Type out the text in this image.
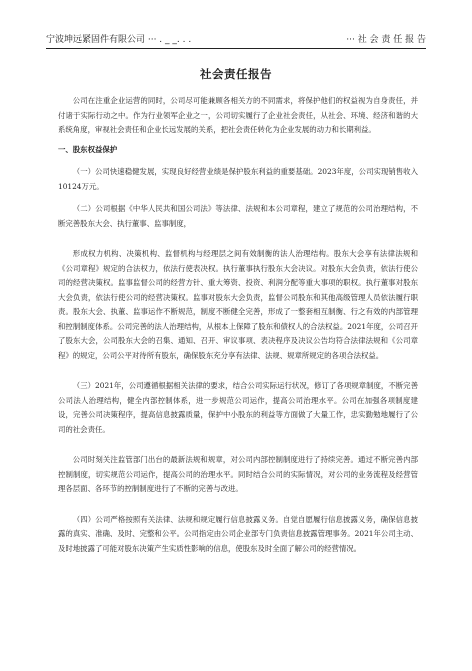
宁波坤远紧固件有限公司 ··· . _ _. . .	··· 社 会 责 任 报 告
社会责任报告

公司在注重企业运营的同时，公司尽可能兼顾各相关方的不同需求，将保护他们的权益视为自身责任，并付诸于实际行动之中。作为行业领军企业之一，公司切实履行了企业社会责任，从社会、环境、经济和谐的大系统角度，审视社会责任和企业长远发展的关系，把社会责任转化为企业发展的动力和长期利益。

一、股东权益保护

（一）公司快速稳健发展，实现良好经营业绩是保护股东利益的重要基础。2023年度，公司实现销售收入10124万元。

（二）公司根据《中华人民共和国公司法》等法律、法规和本公司章程，建立了规范的公司治理结构，不断完善股东大会、执行董事、监事制度，

形成权力机构、决策机构、监督机构与经理层之间有效制衡的法人治理结构。股东大会享有法律法规和《公司章程》规定的合法权力，依法行使表决权。执行董事执行股东大会决议。对股东大会负责，依法行使公司的经营决策权。监事监督公司的经营方针、重大筹资、投资、利润分配等重大事项的职权。执行董事对股东大会负责，依法行使公司的经营决策权。监事对股东大会负责，监督公司股东和其他高级管理人员依法履行职责。股东大会、执董、监事运作不断规范，制度不断健全完善，形成了一整套相互制衡、行之有效的内部管理和控制制度体系。公司完善的法人治理结构，从根本上保障了股东和债权人的合法权益。2021年度，公司召开了股东大会，公司股东大会的召集、通知、召开、审议事项、表决程序及决议公告均符合法律法规和《公司章程》的规定，公司公平对待所有股东，确保股东充分享有法律、法规、规章所规定的各项合法权益。

（三）2021年，公司遵循根据相关法律的要求，结合公司实际运行状况，修订了各项规章制度，不断完善公司法人治理结构，健全内部控制体系，进一步规范公司运作，提高公司治理水平。公司在加强各项制度建设，完善公司决策程序，提高信息披露质量，保护中小股东的利益等方面做了大量工作，忠实勤勉地履行了公司的社会责任。

公司时刻关注监管部门出台的最新法规和规章，对公司内部控制制度进行了持续完善。通过不断完善内部控制制度，切实规范公司运作，提高公司的治理水平。同时结合公司的实际情况，对公司的业务流程及经营管理各层面、各环节的控制制度进行了不断的完善与改进。

（四）公司严格按照有关法律、法规和规定履行信息披露义务。自觉自愿履行信息披露义务，确保信息披露的真实、准确、及时、完整和公平。公司指定由公司企业部专门负责信息披露管理事务。2021年公司主动、及时地披露了可能对股东决策产生实质性影响的信息，使股东及时全面了解公司的经营情况。
